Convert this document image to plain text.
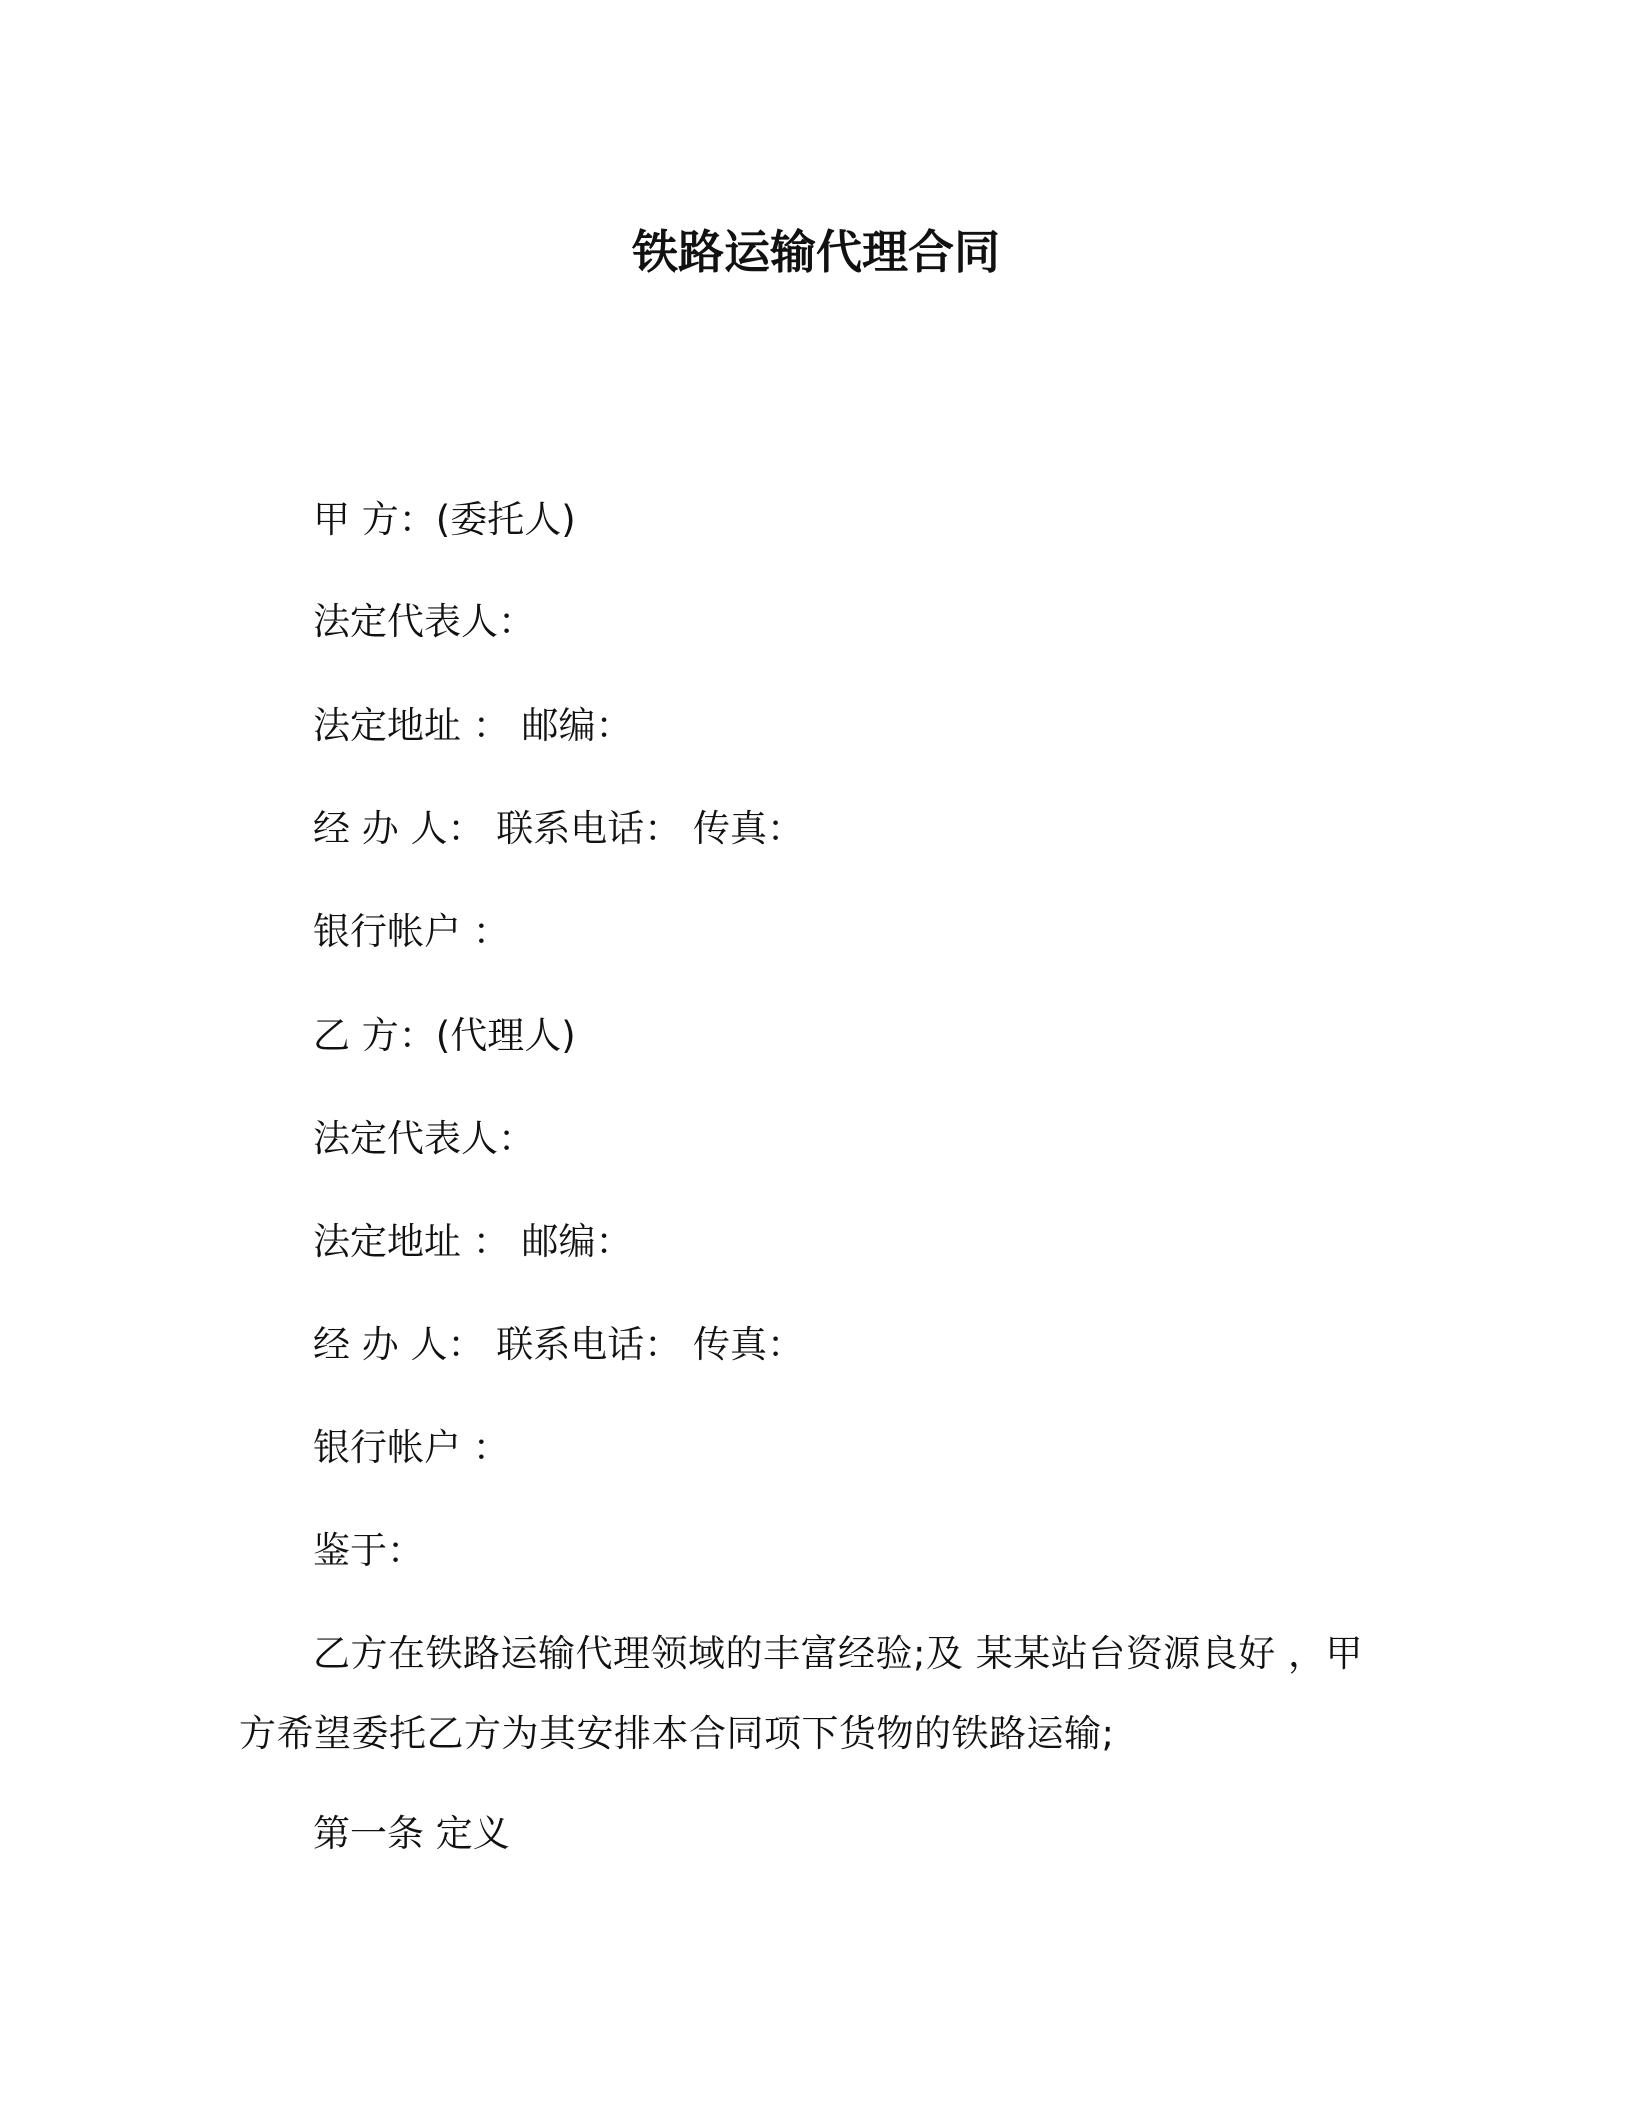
铁路运输代理合同
甲 方：(委托人)
法定代表人：
法定地址 ： 邮编：
经 办 人： 联系电话： 传真：
银行帐户 ：
乙 方：(代理人)
法定代表人：
法定地址 ： 邮编：
经 办 人： 联系电话： 传真：
银行帐户 ：
鉴于：
乙方在铁路运输代理领域的丰富经验;及 某某站台资源良好 ，甲方希望委托乙方为其安排本合同项下货物的铁路运输;
第一条 定义
